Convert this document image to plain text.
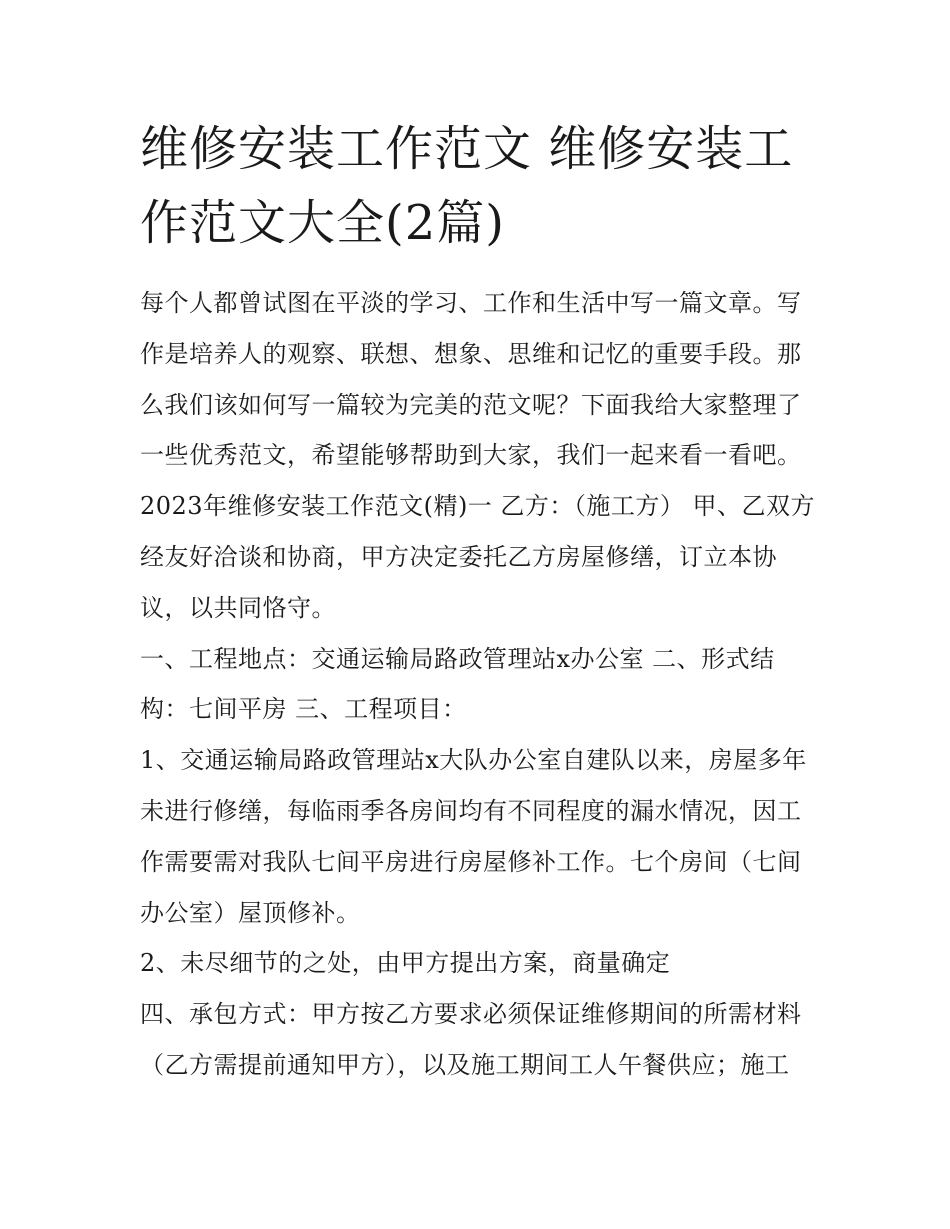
维修安装工作范文 维修安装工作范文大全(2篇)

每个人都曾试图在平淡的学习、工作和生活中写一篇文章。写作是培养人的观察、联想、想象、思维和记忆的重要手段。那么我们该如何写一篇较为完美的范文呢？下面我给大家整理了一些优秀范文，希望能够帮助到大家，我们一起来看一看吧。

2023年维修安装工作范文(精)一 乙方：（施工方） 甲、乙双方经友好洽谈和协商，甲方决定委托乙方房屋修缮，订立本协议，以共同恪守。

一、工程地点：交通运输局路政管理站x办公室 二、形式结构：七间平房 三、工程项目：

1、交通运输局路政管理站x大队办公室自建队以来，房屋多年未进行修缮，每临雨季各房间均有不同程度的漏水情况，因工作需要需对我队七间平房进行房屋修补工作。七个房间（七间办公室）屋顶修补。

2、未尽细节的之处，由甲方提出方案，商量确定

四、承包方式：甲方按乙方要求必须保证维修期间的所需材料（乙方需提前通知甲方），以及施工期间工人午餐供应；施工
